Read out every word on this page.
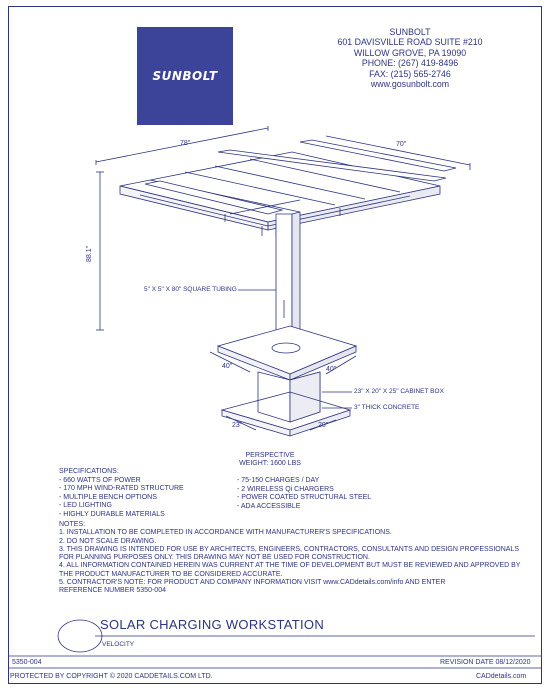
SUNBOLT
SUNBOLT
601 DAVISVILLE ROAD SUITE #210
WILLOW GROVE, PA 19090
PHONE: (267) 419-8496
FAX: (215) 565-2746
www.gosunbolt.com
78"	70"
88.1"
5" X 5" X 80" SQUARE TUBING
40"	40"
23" X 20" X 25" CABINET BOX
3" THICK CONCRETE
23"	20"
PERSPECTIVE
WEIGHT: 1600 LBS
SPECIFICATIONS:
- 660 WATTS OF POWER
- 170 MPH WIND-RATED STRUCTURE
- MULTIPLE BENCH OPTIONS
- LED LIGHTING
- HIGHLY DURABLE MATERIALS
- 75-150 CHARGES / DAY
- 2 WIRELESS Qi CHARGERS
- POWER COATED STRUCTURAL STEEL
- ADA ACCESSIBLE
NOTES:
1. INSTALLATION TO BE COMPLETED IN ACCORDANCE WITH MANUFACTURER'S SPECIFICATIONS.
2. DO NOT SCALE DRAWING.
3. THIS DRAWING IS INTENDED FOR USE BY ARCHITECTS, ENGINEERS, CONTRACTORS, CONSULTANTS AND DESIGN PROFESSIONALS
FOR PLANNING PURPOSES ONLY. THIS DRAWING MAY NOT BE USED FOR CONSTRUCTION.
4. ALL INFORMATION CONTAINED HEREIN WAS CURRENT AT THE TIME OF DEVELOPMENT BUT MUST BE REVIEWED AND APPROVED BY
THE PRODUCT MANUFACTURER TO BE CONSIDERED ACCURATE.
5. CONTRACTOR'S NOTE: FOR PRODUCT AND COMPANY INFORMATION VISIT www.CADdetails.com/info AND ENTER
REFERENCE NUMBER 5350-004
SOLAR CHARGING WORKSTATION
VELOCITY
5350-004	REVISION DATE 08/12/2020
PROTECTED BY COPYRIGHT © 2020 CADDETAILS.COM LTD.	CADdetails.com
